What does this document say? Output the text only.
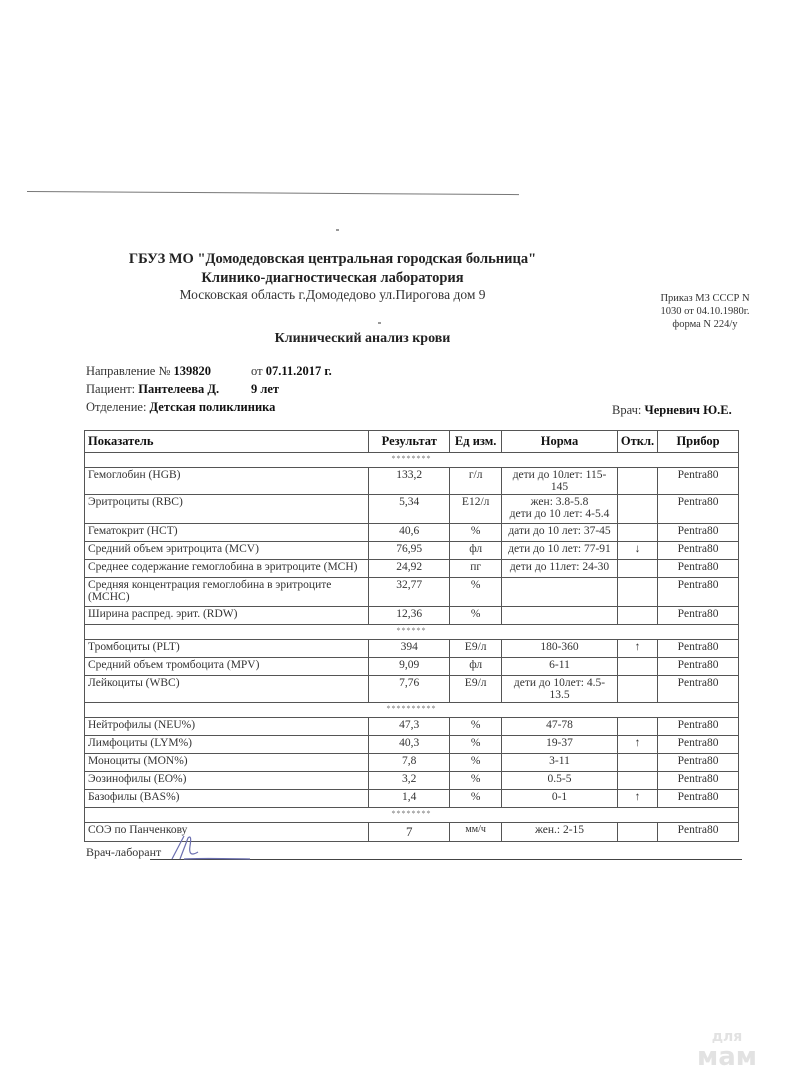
ГБУЗ МО "Домодедовская центральная городская больница"
Клинико-диагностическая лаборатория
Московская область г.Домодедово ул.Пирогова дом 9	Приказ МЗ СССР N
1030 от 04.10.1980г.
форма N 224/у
Клинический анализ крови
Направление № 139820	от 07.11.2017 г.
Пациент: Пантелеева Д.	9 лет
Отделение: Детская поликлиника	Врач: Черневич Ю.Е.
Показатель	Результат	Ед изм.	Норма	Откл.	Прибор
********					
Гемоглобин (HGB)	133,2	г/л	дети до 10лет: 115-145		Pentra80
Эритроциты (RBC)	5,34	E12/л	жен: 3.8-5.8
дети до 10 лет: 4-5.4		Pentra80
Гематокрит (HCT)	40,6	%	дати до 10 лет: 37-45		Pentra80
Средний объем эритроцита (MCV)	76,95	фл	дети до 10 лет: 77-91	↓	Pentra80
Среднее содержание гемоглобина в эритроците (MCH)	24,92	пг	дети до 11лет: 24-30		Pentra80
Средняя концентрация гемоглобина в эритроците (MCHC)	32,77	%			Pentra80
Ширина распред. эрит. (RDW)	12,36	%			Pentra80
******					
Тромбоциты (PLT)	394	E9/л	180-360	↑	Pentra80
Средний объем тромбоцита (MPV)	9,09	фл	6-11		Pentra80
Лейкоциты (WBC)	7,76	E9/л	дети до 10лет: 4.5-13.5		Pentra80
**********					
Нейтрофилы (NEU%)	47,3	%	47-78		Pentra80
Лимфоциты (LYM%)	40,3	%	19-37	↑	Pentra80
Моноциты (MON%)	7,8	%	3-11		Pentra80
Эозинофилы (EO%)	3,2	%	0.5-5		Pentra80
Базофилы (BAS%)	1,4	%	0-1	↑	Pentra80
********					
СОЭ по Панченкову	7	мм/ч	жен.: 2-15		Pentra80
Врач-лаборант
для
мам
